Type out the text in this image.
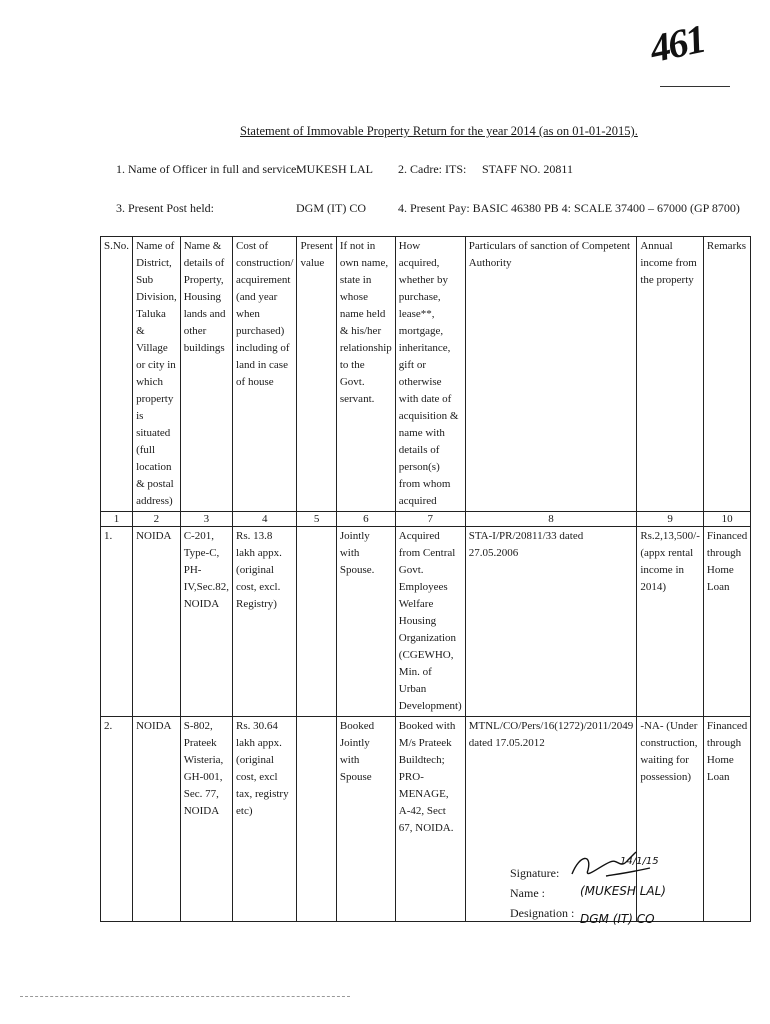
461
Statement of Immovable Property Return for the year 2014 (as on 01-01-2015).
1. Name of Officer in full and service:
MUKESH LAL 2. Cadre: ITS: STAFF NO. 20811
3. Present Post held:	DGM (IT) CO	4. Present Pay: BASIC 46380 PB 4: SCALE 37400 – 67000 (GP 8700)
S.No.	Name of District, Sub Division, Taluka & Village or city in which property is situated (full location & postal address)	Name & details of Property, Housing lands and other buildings	Cost of construction/ acquirement (and year when purchased) including of land in case of house	Present value	If not in own name, state in whose name held & his/her relationship to the Govt. servant.	How acquired, whether by purchase, lease**, mortgage, inheritance, gift or otherwise with date of acquisition & name with details of person(s) from whom acquired	Particulars of sanction of Competent Authority	Annual income from the property	Remarks
1	2	3	4	5	6	7	8	9	10
1.	NOIDA	C-201, Type-C, PH-IV,Sec.82, NOIDA	Rs. 13.8 lakh appx. (original cost, excl. Registry)		Jointly with Spouse.	Acquired from Central Govt. Employees Welfare Housing Organization (CGEWHO, Min. of Urban Development)	STA-I/PR/20811/33 dated 27.05.2006	Rs.2,13,500/- (appx rental income in 2014)	Financed through Home Loan
2.	NOIDA	S-802, Prateek Wisteria, GH-001, Sec. 77, NOIDA	Rs. 30.64 lakh appx. (original cost, excl tax, registry etc)		Booked Jointly with Spouse	Booked with M/s Prateek Buildtech; PRO-MENAGE, A-42, Sect 67, NOIDA.	MTNL/CO/Pers/16(1272)/2011/2049 dated 17.05.2012	-NA- (Under construction, waiting for possession)	Financed through Home Loan
Signature:
Name :
Designation :
14/1/15
(MUKESH LAL)
DGM (IT) CO
